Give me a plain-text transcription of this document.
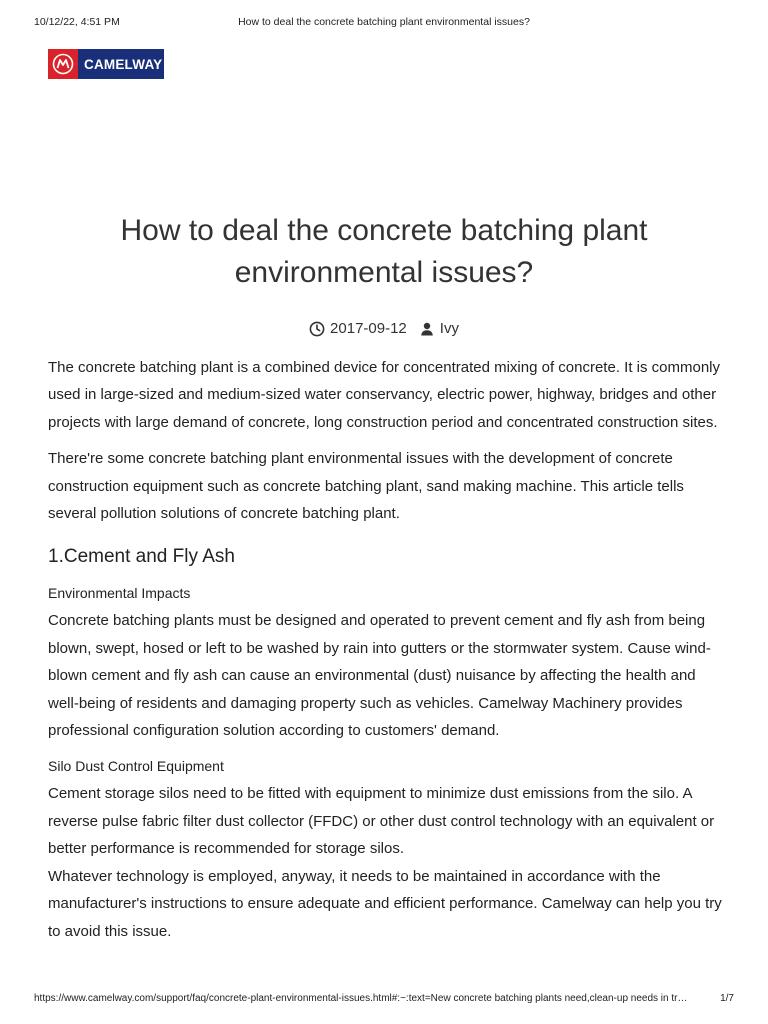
How to deal the concrete batching plant environmental issues?
10/12/22, 4:51 PM
CAMELWAY
How to deal the concrete batching plant environmental issues?
2017-09-12 Ivy

The concrete batching plant is a combined device for concentrated mixing of concrete. It is commonly used in large-sized and medium-sized water conservancy, electric power, highway, bridges and other projects with large demand of concrete, long construction period and concentrated construction sites.

There're some concrete batching plant environmental issues with the development of concrete construction equipment such as concrete batching plant, sand making machine. This article tells several pollution solutions of concrete batching plant.

1.Cement and Fly Ash
Environmental Impacts

Concrete batching plants must be designed and operated to prevent cement and fly ash from being blown, swept, hosed or left to be washed by rain into gutters or the stormwater system. Cause wind-blown cement and fly ash can cause an environmental (dust) nuisance by affecting the health and well-being of residents and damaging property such as vehicles. Camelway Machinery provides professional configuration solution according to customers' demand.

Silo Dust Control Equipment

Cement storage silos need to be fitted with equipment to minimize dust emissions from the silo. A reverse pulse fabric filter dust collector (FFDC) or other dust control technology with an equivalent or better performance is recommended for storage silos.

Whatever technology is employed, anyway, it needs to be maintained in accordance with the manufacturer's instructions to ensure adequate and efficient performance. Camelway can help you try to avoid this issue.

https://www.camelway.com/support/faq/concrete-plant-environmental-issues.html#:~:text=New concrete batching plants need,clean-up needs in tr…	1/7
